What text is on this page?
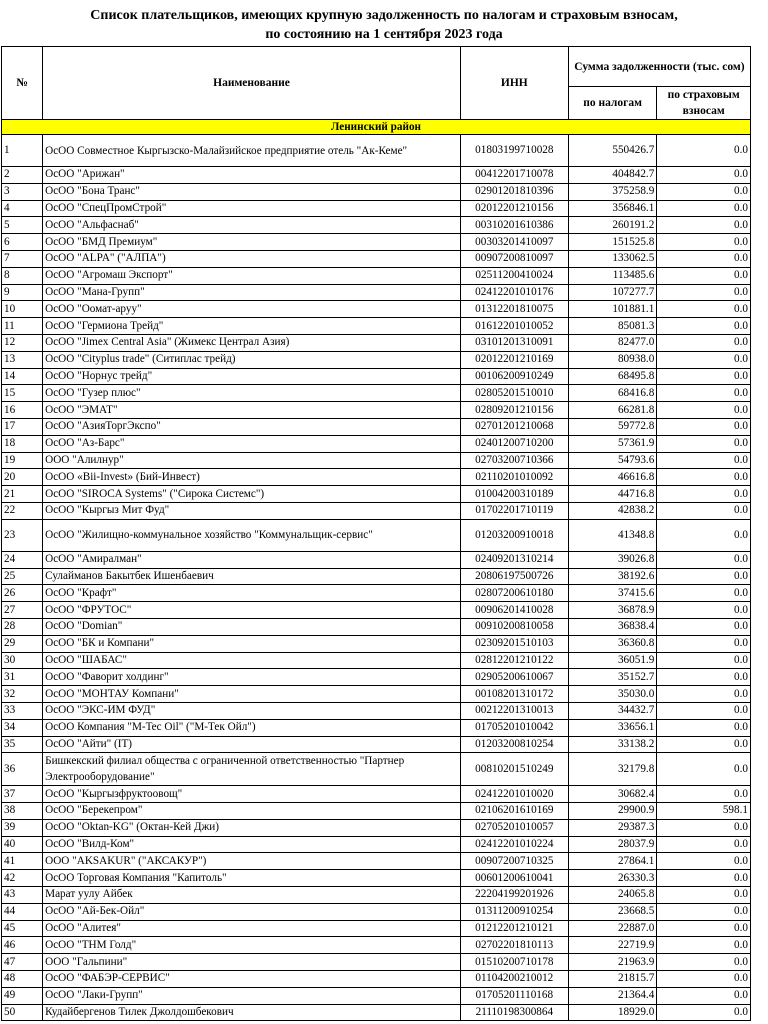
Список плательщиков, имеющих крупную задолженность по налогам и страховым взносам,
по состоянию на 1 сентября 2023 года
№	Наименование	ИНН	Сумма задолженности (тыс. сом)	
			по налогам	по страховым взносам
Ленинский район				
1	ОсОО Совместное Кыргызско-Малайзийское предприятие отель "Ак-Кеме"	01803199710028	550426.7	0.0
2	ОсОО "Арижан"	00412201710078	404842.7	0.0
3	ОсОО "Бона Транс"	02901201810396	375258.9	0.0
4	ОсОО "СпецПромСтрой"	02012201210156	356846.1	0.0
5	ОсОО "Альфаснаб"	00310201610386	260191.2	0.0
6	ОсОО "БМД Премиум"	00303201410097	151525.8	0.0
7	ОсОО "ALPA" ("АЛПА")	00907200810097	133062.5	0.0
8	ОсОО "Агромаш Экспорт"	02511200410024	113485.6	0.0
9	ОсОО "Мана-Групп"	02412201010176	107277.7	0.0
10	ОсОО "Оомат-аруу"	01312201810075	101881.1	0.0
11	ОсОО "Гермиона Трейд"	01612201010052	85081.3	0.0
12	ОсОО "Jimex Central Asia" (Жимекс Централ Азия)	03101201310091	82477.0	0.0
13	ОсОО "Cityplus trade" (Ситиплас трейд)	02012201210169	80938.0	0.0
14	ОсОО "Норнус трейд"	00106200910249	68495.8	0.0
15	ОсОО "Гузер плюс"	02805201510010	68416.8	0.0
16	ОсОО "ЭМАТ"	02809201210156	66281.8	0.0
17	ОсОО "АзияТоргЭкспо"	02701201210068	59772.8	0.0
18	ОсОО "Аз-Барс"	02401200710200	57361.9	0.0
19	ООО "Алилнур"	02703200710366	54793.6	0.0
20	ОсОО «Bii-Invest» (Бий-Инвест)	02110201010092	46616.8	0.0
21	ОсОО "SIROCA Systems" ("Сирока Системс")	01004200310189	44716.8	0.0
22	ОсОО "Кыргыз Мит Фуд"	01702201710119	42838.2	0.0
23	ОсОО "Жилищно-коммунальное хозяйство "Коммунальщик-сервис"	01203200910018	41348.8	0.0
24	ОсОО "Амиралман"	02409201310214	39026.8	0.0
25	Сулайманов Бакытбек Ишенбаевич	20806197500726	38192.6	0.0
26	ОсОО "Крафт"	02807200610180	37415.6	0.0
27	ОсОО "ФРУТОС"	00906201410028	36878.9	0.0
28	ОсОО "Domian"	00910200810058	36838.4	0.0
29	ОсОО "БК и Компани"	02309201510103	36360.8	0.0
30	ОсОО "ШАБАС"	02812201210122	36051.9	0.0
31	ОсОО "Фаворит холдинг"	02905200610067	35152.7	0.0
32	ОсОО "МОНТАУ Компани"	00108201310172	35030.0	0.0
33	ОсОО "ЭКС-ИМ ФУД"	00212201310013	34432.7	0.0
34	ОсОО Компания "M-Tec Oil" ("М-Тек Ойл")	01705201010042	33656.1	0.0
35	ОсОО "Айти" (IT)	01203200810254	33138.2	0.0
36	Бишкекский филиал общества с ограниченной ответственностью "Партнер Электрооборудование"	00810201510249	32179.8	0.0
37	ОсОО "Кыргызфруктоовощ"	02412201010020	30682.4	0.0
38	ОсОО "Берекепром"	02106201610169	29900.9	598.1
39	ОсОО "Oktan-KG" (Октан-Кей Джи)	02705201010057	29387.3	0.0
40	ОсОО "Вилд-Ком"	02412201010224	28037.9	0.0
41	ООО "AKSAKUR" ("АКСАКУР")	00907200710325	27864.1	0.0
42	ОсОО Торговая Компания "Капитоль"	00601200610041	26330.3	0.0
43	Марат уулу Айбек	22204199201926	24065.8	0.0
44	ОсОО "Ай-Бек-Ойл"	01311200910254	23668.5	0.0
45	ОсОО "Алитея"	01212201210121	22887.0	0.0
46	ОсОО "ТНМ Голд"	02702201810113	22719.9	0.0
47	ООО "Гальпини"	01510200710178	21963.9	0.0
48	ОсОО "ФАБЭР-СЕРВИС"	01104200210012	21815.7	0.0
49	ОсОО "Лаки-Групп"	01705201110168	21364.4	0.0
50	Кудайбергенов Тилек Джолдошбекович	21110198300864	18929.0	0.0
